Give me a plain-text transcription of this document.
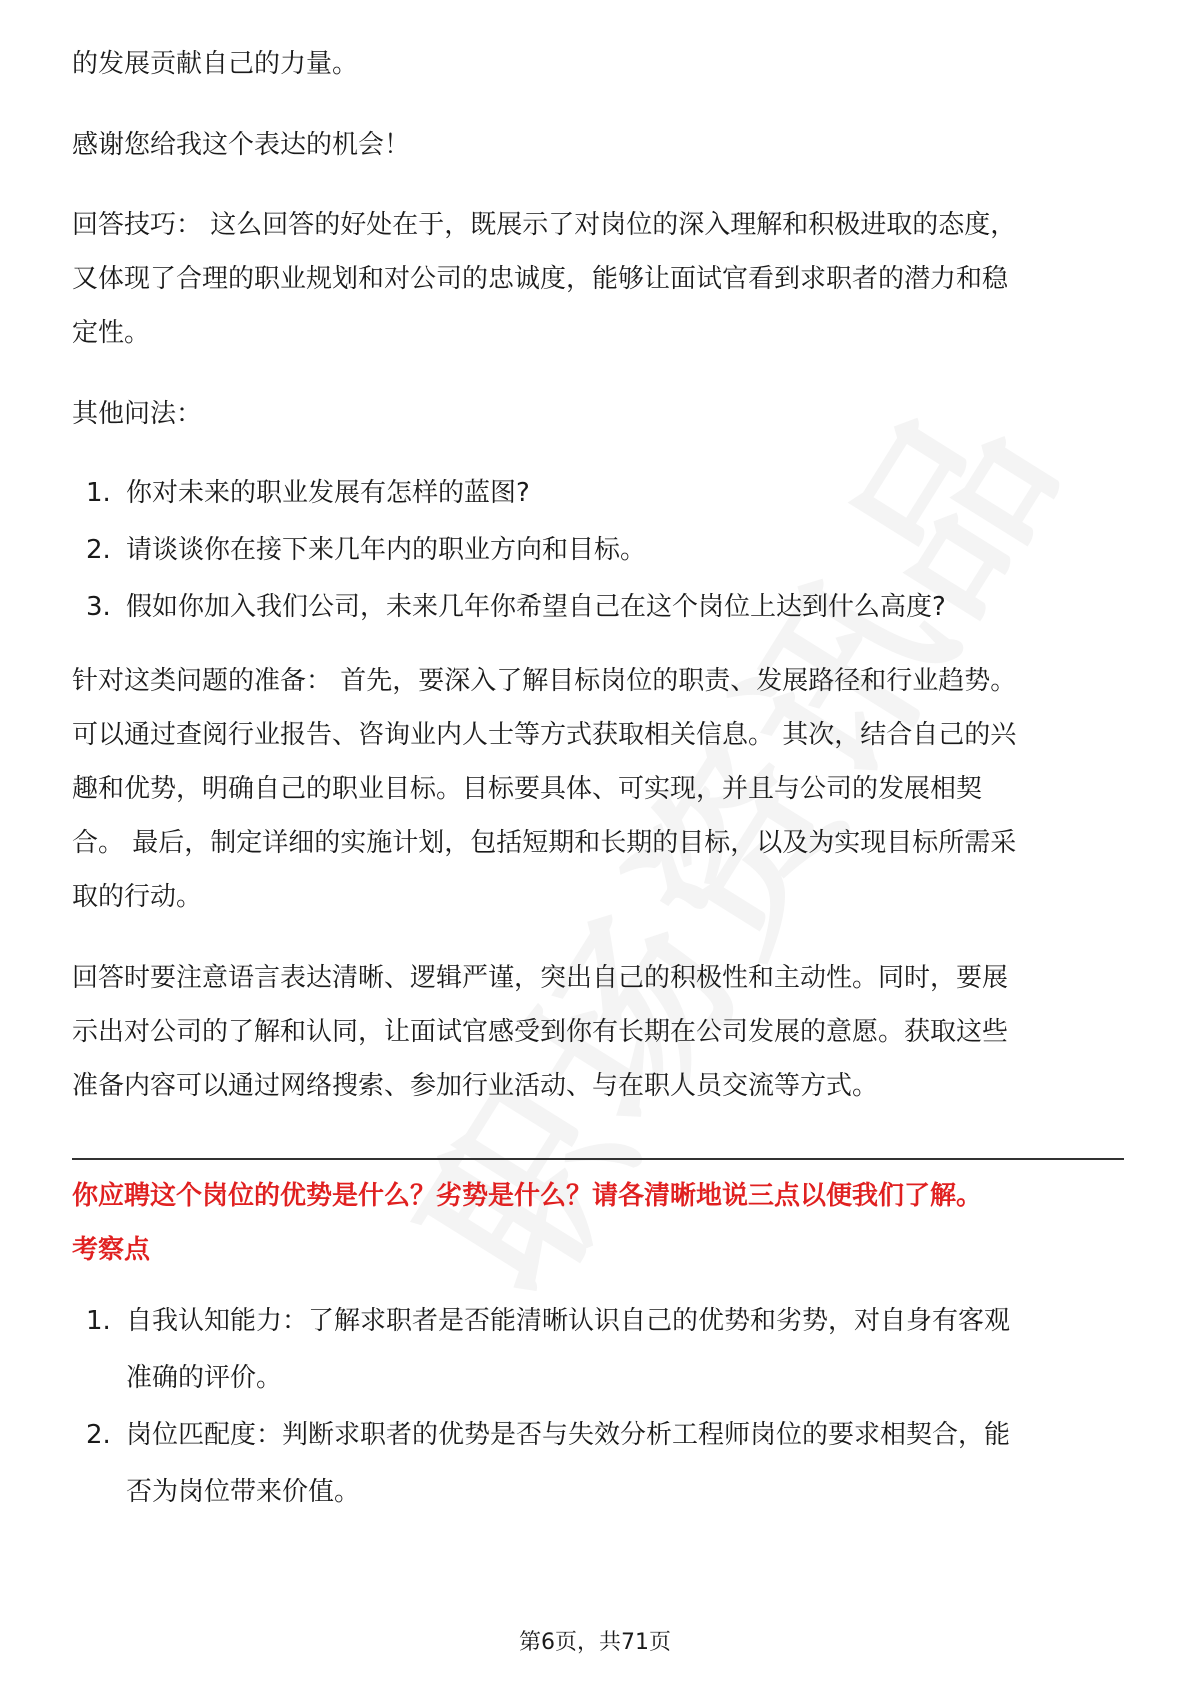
的发展贡献自己的力量。

感谢您给我这个表达的机会！

回答技巧： 这么回答的好处在于，既展示了对岗位的深入理解和积极进取的态度，

又体现了合理的职业规划和对公司的忠诚度，能够让面试官看到求职者的潜力和稳

定性。

其他问法：

1. 你对未来的职业发展有怎样的蓝图?
2. 请谈谈你在接下来几年内的职业方向和目标。
3. 假如你加入我们公司，未来几年你希望自己在这个岗位上达到什么高度?

针对这类问题的准备： 首先，要深入了解目标岗位的职责、发展路径和行业趋势。

可以通过查阅行业报告、咨询业内人士等方式获取相关信息。 其次，结合自己的兴

趣和优势，明确自己的职业目标。目标要具体、可实现，并且与公司的发展相契

合。 最后，制定详细的实施计划，包括短期和长期的目标，以及为实现目标所需采

取的行动。

回答时要注意语言表达清晰、逻辑严谨，突出自己的积极性和主动性。同时，要展

示出对公司的了解和认同，让面试官感受到你有长期在公司发展的意愿。获取这些

准备内容可以通过网络搜索、参加行业活动、与在职人员交流等方式。

你应聘这个岗位的优势是什么？劣势是什么？请各清晰地说三点以便我们了解。

考察点

1. 自我认知能力：了解求职者是否能清晰认识自己的优势和劣势，对自身有客观
准确的评价。
2. 岗位匹配度：判断求职者的优势是否与失效分析工程师岗位的要求相契合，能
否为岗位带来价值。
第6页，共71页
